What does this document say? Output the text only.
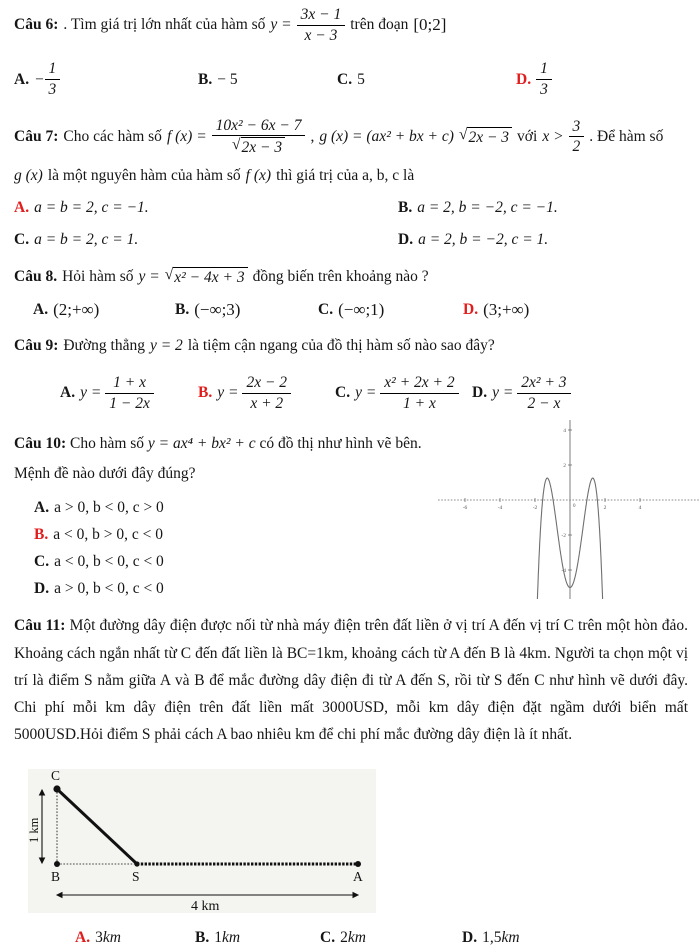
Câu 6: . Tìm giá trị lớn nhất của hàm số $y = \frac{3x - 1}{x - 3}$ trên đoạn [0;2]
A. − $\frac{1}{3}$	B. − 5	C. 5	D. $\frac{1}{3}$
Câu 7: Cho các hàm số f $(x) = \frac{\text{10x² − 6x − 7}}{√ 2x - 3}$ , g (x) = (ax² + bx + c) √ 2x − 3 với $x > \frac{3}{2}$ . Để hàm số
g (x) là một nguyên hàm của hàm số f (x) thì giá trị của a, b, c là
A. a = b = 2, c = −1.	B. a = 2, b = −2, c = −1.
C. a = b = 2, c = 1.	D. a = 2, b = −2, c = 1.
Câu 8. Hỏi hàm số y = √ x² − 4x + 3 đồng biến trên khoảng nào ?
A. (2;+∞)	B. (−∞;3)	C. (−∞;1)	D. (3;+∞)
Câu 9: Đường thẳng y = 2 là tiệm cận ngang của đồ thị hàm số nào sao đây?
A. $y = \frac{1 + x}{1 - 2x}$	B. $y = \frac{2x - 2}{x + 2}$	C. $y = \frac{\text{x² + 2x + 2}}{1 + x} D$. $y = \frac{\text{2x² + 3}}{2 - x}$
Câu 10: Cho hàm số y = ax⁴ + bx² + c có đồ thị như hình vẽ bên.
Mệnh đề nào dưới đây đúng?
A. a > 0, b < 0, c > 0
B. a < 0, b > 0, c < 0
C. a < 0, b < 0, c < 0
D. a > 0, b < 0, c < 0
-6	-4	-2	2	4
4
2
-2
-4
0
Câu 11: Một đường dây điện được nối từ nhà máy điện trên đất liền ở vị trí A đến vị trí C trên một hòn đảo. Khoảng cách ngắn nhất từ C đến đất liền là BC=1km, khoảng cách từ A đến B là 4km. Người ta chọn một vị trí là điểm S nằm giữa A và B để mắc đường dây điện đi từ A đến S, rồi từ S đến C như hình vẽ dưới đây. Chi phí mỗi km dây điện trên đất liền mất 3000USD, mỗi km dây điện đặt ngầm dưới biển mất 5000USD.Hỏi điểm S phải cách A bao nhiêu km để chi phí mắc đường dây điện là ít nhất.
C
B	S	A
1 km
4 km
A. 3 km	B. 1 km	C. 2 km	D. 1,5 km
